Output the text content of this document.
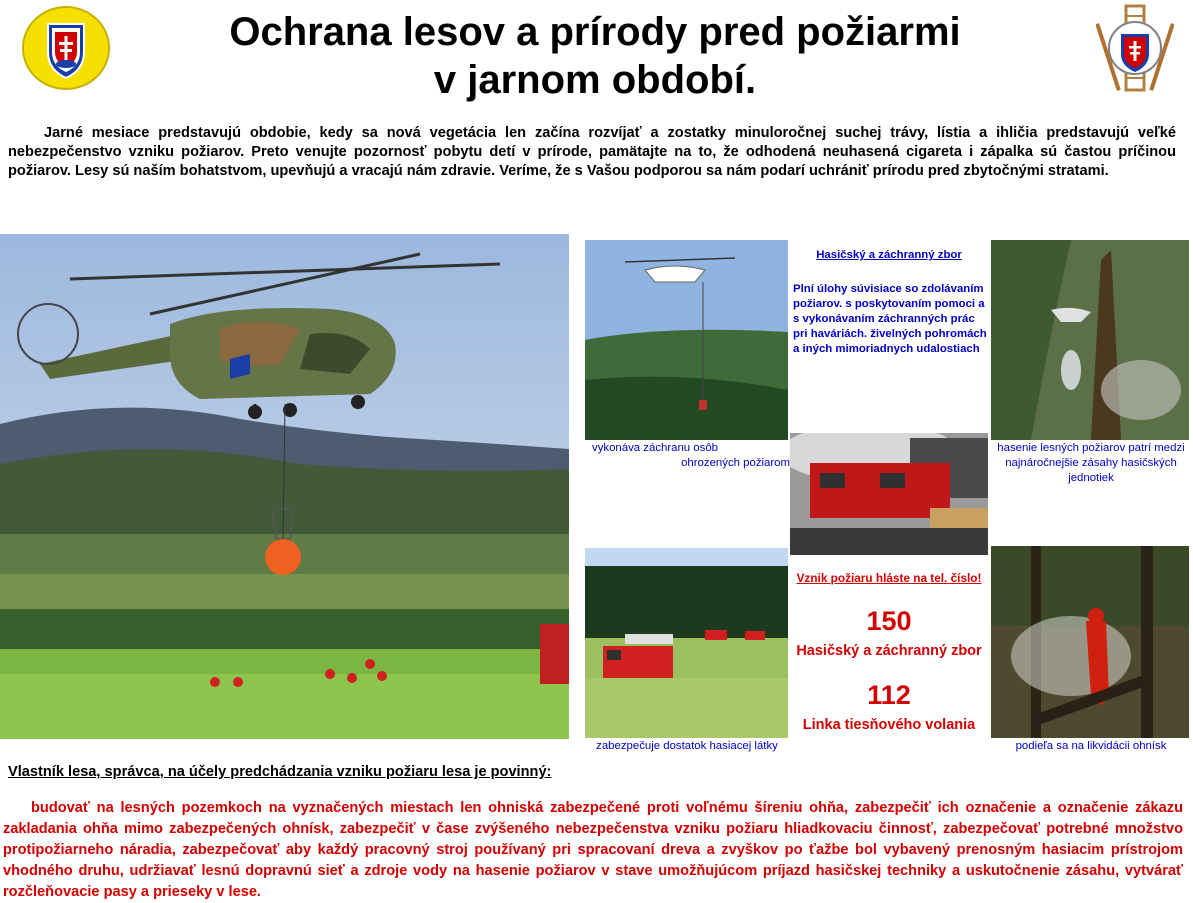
Ochrana lesov a prírody pred požiarmi
v jarnom období.
Jarné mesiace predstavujú obdobie, kedy sa nová vegetácia len začína rozvíjať a zostatky minuloročnej suchej trávy, lístia a ihličia predstavujú veľké nebezpečenstvo vzniku požiarov. Preto venujte pozornosť pobytu detí v prírode, pamätajte na to, že odhodená neuhasená cigareta i zápalka sú častou príčinou požiarov. Lesy sú naším bohatstvom, upevňujú a vracajú nám zdravie. Veríme, že s Vašou podporou sa nám podarí uchrániť prírodu pred zbytočnými stratami.
vykonáva záchranu osôb
ohrozených požiarom
hasenie lesných požiarov patrí medzi najnáročnejšie zásahy hasičských jednotiek
zabezpečuje dostatok hasiacej látky	podieľa sa na likvidácii ohnísk
Hasičský a záchranný zbor
Plní úlohy súvisiace so zdolávaním požiarov. s poskytovaním pomoci a s vykonávaním záchranných prác pri haváriách. živelných pohromách a iných mimoriadnych udalostiach
Vznik požiaru hláste na tel. číslo!
150
Hasičský a záchranný zbor
112
Linka tiesňového volania
Vlastník lesa, správca, na účely predchádzania vzniku požiaru lesa je povinný:
budovať na lesných pozemkoch na vyznačených miestach len ohniská zabezpečené proti voľnému šíreniu ohňa, zabezpečiť ich označenie a označenie zákazu zakladania ohňa mimo zabezpečených ohnísk, zabezpečiť v čase zvýšeného nebezpečenstva vzniku požiaru hliadkovaciu činnosť, zabezpečovať potrebné množstvo protipožiarneho náradia, zabezpečovať aby každý pracovný stroj používaný pri spracovaní dreva a zvyškov po ťažbe bol vybavený prenosným hasiacim prístrojom vhodného druhu, udržiavať lesnú dopravnú sieť a zdroje vody na hasenie požiarov v stave umožňujúcom príjazd hasičskej techniky a uskutočnenie zásahu, vytvárať rozčleňovacie pasy a prieseky v lese.
